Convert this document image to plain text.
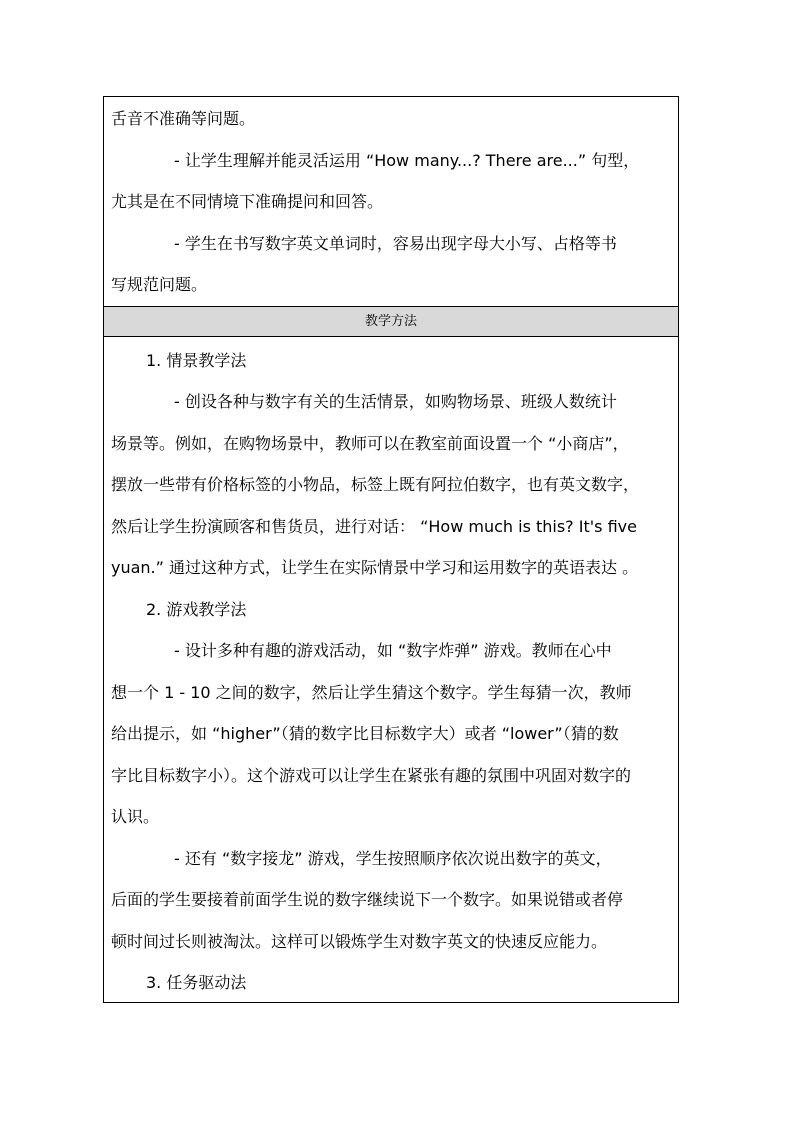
舌音不准确等问题。
- 让学生理解并能灵活运用 “How many...? There are...” 句型，
尤其是在不同情境下准确提问和回答。
- 学生在书写数字英文单词时，容易出现字母大小写、占格等书
写规范问题。
教学方法
1. 情景教学法
- 创设各种与数字有关的生活情景，如购物场景、班级人数统计
场景等。例如，在购物场景中，教师可以在教室前面设置一个 “小商店”，
摆放一些带有价格标签的小物品，标签上既有阿拉伯数字，也有英文数字，
然后让学生扮演顾客和售货员，进行对话： “How much is this? It's five
yuan.” 通过这种方式，让学生在实际情景中学习和运用数字的英语表达 。
2. 游戏教学法
- 设计多种有趣的游戏活动，如 “数字炸弹” 游戏。教师在心中
想一个 1 - 10 之间的数字，然后让学生猜这个数字。学生每猜一次，教师
给出提示，如 “higher”（猜的数字比目标数字大）或者 “lower”（猜的数
字比目标数字小）。这个游戏可以让学生在紧张有趣的氛围中巩固对数字的
认识。
- 还有 “数字接龙” 游戏，学生按照顺序依次说出数字的英文，
后面的学生要接着前面学生说的数字继续说下一个数字。如果说错或者停
顿时间过长则被淘汰。这样可以锻炼学生对数字英文的快速反应能力。
3. 任务驱动法
